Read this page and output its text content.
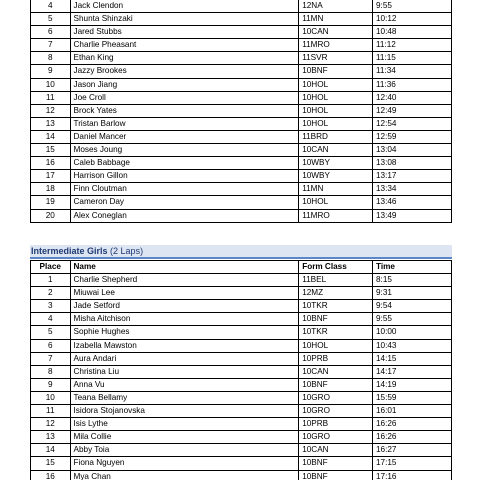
4	Jack Clendon	12NA	9:55
5	Shunta Shinzaki	11MN	10:12
6	Jared Stubbs	10CAN	10:48
7	Charlie Pheasant	11MRO	11:12
8	Ethan King	11SVR	11:15
9	Jazzy Brookes	10BNF	11:34
10	Jason Jiang	10HOL	11:36
11	Joe Croll	10HOL	12:40
12	Brock Yates	10HOL	12:49
13	Tristan Barlow	10HOL	12:54
14	Daniel Mancer	11BRD	12:59
15	Moses Joung	10CAN	13:04
16	Caleb Babbage	10WBY	13:08
17	Harrison Gillon	10WBY	13:17
18	Finn Cloutman	11MN	13:34
19	Cameron Day	10HOL	13:46
20	Alex Coneglan	11MRO	13:49
Intermediate Girls (2 Laps)
Place	Name	Form Class	Time
1	Charlie Shepherd	11BEL	8:15
2	Miuwai Lee	12MZ	9:31
3	Jade Setford	10TKR	9:54
4	Misha Aitchison	10BNF	9:55
5	Sophie Hughes	10TKR	10:00
6	Izabella Mawston	10HOL	10:43
7	Aura Andari	10PRB	14:15
8	Christina Liu	10CAN	14:17
9	Anna Vu	10BNF	14:19
10	Teana Bellamy	10GRO	15:59
11	Isidora Stojanovska	10GRO	16:01
12	Isis Lythe	10PRB	16:26
13	Mila Collie	10GRO	16:26
14	Abby Toia	10CAN	16:27
15	Fiona Nguyen	10BNF	17:15
16	Mya Chan	10BNF	17:16
